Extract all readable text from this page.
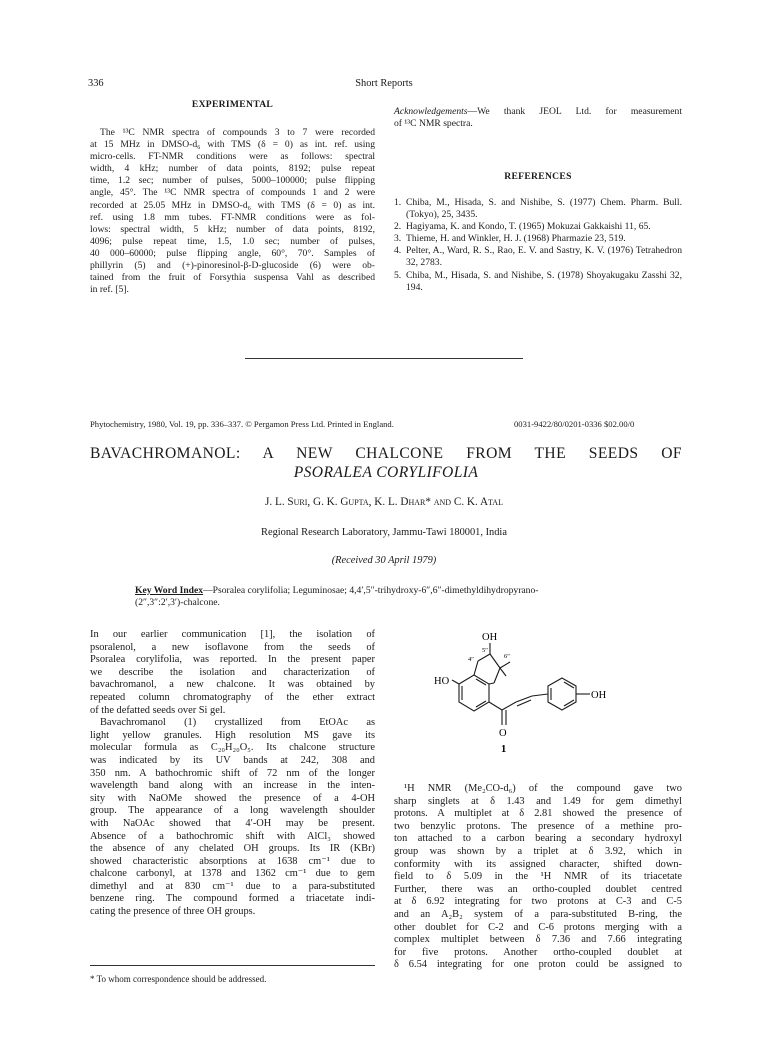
336	Short Reports
EXPERIMENTAL
The ¹³C NMR spectra of compounds 3 to 7 were recorded
at 15 MHz in DMSO-d₆ with TMS (δ = 0) as int. ref. using
micro-cells. FT-NMR conditions were as follows: spectral
width, 4 kHz; number of data points, 8192; pulse repeat
time, 1.2 sec; number of pulses, 5000–100000; pulse flipping
angle, 45°. The ¹³C NMR spectra of compounds 1 and 2 were
recorded at 25.05 MHz in DMSO-d₆ with TMS (δ = 0) as int.
ref. using 1.8 mm tubes. FT-NMR conditions were as fol-
lows: spectral width, 5 kHz; number of data points, 8192,
4096; pulse repeat time, 1.5, 1.0 sec; number of pulses,
40 000–60000; pulse flipping angle, 60°, 70°. Samples of
phillyrin (5) and (+)-pinoresinol-β-D-glucoside (6) were ob-
tained from the fruit of Forsythia suspensa Vahl as described
in ref. [5].
Acknowledgements—We thank JEOL Ltd. for measurement
of ¹³C NMR spectra.
REFERENCES
1. Chiba, M., Hisada, S. and Nishibe, S. (1977) Chem. Pharm. Bull. (Tokyo), 25, 3435.
2. Hagiyama, K. and Kondo, T. (1965) Mokuzai Gakkaishi 11, 65.
3. Thieme, H. and Winkler, H. J. (1968) Pharmazie 23, 519.
4. Pelter, A., Ward, R. S., Rao, E. V. and Sastry, K. V. (1976) Tetrahedron 32, 2783.
5. Chiba, M., Hisada, S. and Nishibe, S. (1978) Shoyakugaku Zasshi 32, 194.
Phytochemistry, 1980, Vol. 19, pp. 336–337. © Pergamon Press Ltd. Printed in England.	0031-9422/80/0201-0336 $02.00/0
BAVACHROMANOL: A NEW CHALCONE FROM THE SEEDS OF
PSORALEA CORYLIFOLIA
J. L. Suri, G. K. Gupta, K. L. Dhar* and C. K. Atal
Regional Research Laboratory, Jammu-Tawi 180001, India
(Received 30 April 1979)
Key Word Index—Psoralea corylifolia; Leguminosae; 4,4′,5″-trihydroxy-6″,6″-dimethyldihydropyrano-
(2″,3″:2′,3′)-chalcone.
In our earlier communication [1], the isolation of
psoralenol, a new isoflavone from the seeds of
Psoralea corylifolia, was reported. In the present paper
we describe the isolation and characterization of
bavachromanol, a new chalcone. It was obtained by
repeated column chromatography of the ether extract
of the defatted seeds over Si gel.
Bavachromanol (1) crystallized from EtOAc as
light yellow granules. High resolution MS gave its
molecular formula as C₂₀H₂₀O₅. Its chalcone structure
was indicated by its UV bands at 242, 308 and
350 nm. A bathochromic shift of 72 nm of the longer
wavelength band along with an increase in the inten-
sity with NaOMe showed the presence of a 4-OH
group. The appearance of a long wavelength shoulder
with NaOAc showed that 4′-OH may be present.
Absence of a bathochromic shift with AlCl₃ showed
the absence of any chelated OH groups. Its IR (KBr)
showed characteristic absorptions at 1638 cm⁻¹ due to
chalcone carbonyl, at 1378 and 1362 cm⁻¹ due to gem
dimethyl and at 830 cm⁻¹ due to a para-substituted
benzene ring. The compound formed a triacetate indi-
cating the presence of three OH groups.
OH
HO
OH
O
1
4″
5″
6″
¹H NMR (Me₂CO-d₆) of the compound gave two
sharp singlets at δ 1.43 and 1.49 for gem dimethyl
protons. A multiplet at δ 2.81 showed the presence of
two benzylic protons. The presence of a methine pro-
ton attached to a carbon bearing a secondary hydroxyl
group was shown by a triplet at δ 3.92, which in
conformity with its assigned character, shifted down-
field to δ 5.09 in the ¹H NMR of its triacetate
Further, there was an ortho-coupled doublet centred
at δ 6.92 integrating for two protons at C-3 and C-5
and an A₂B₂ system of a para-substituted B-ring, the
other doublet for C-2 and C-6 protons merging with a
complex multiplet between δ 7.36 and 7.66 integrating
for five protons. Another ortho-coupled doublet at
δ 6.54 integrating for one proton could be assigned to
* To whom correspondence should be addressed.
